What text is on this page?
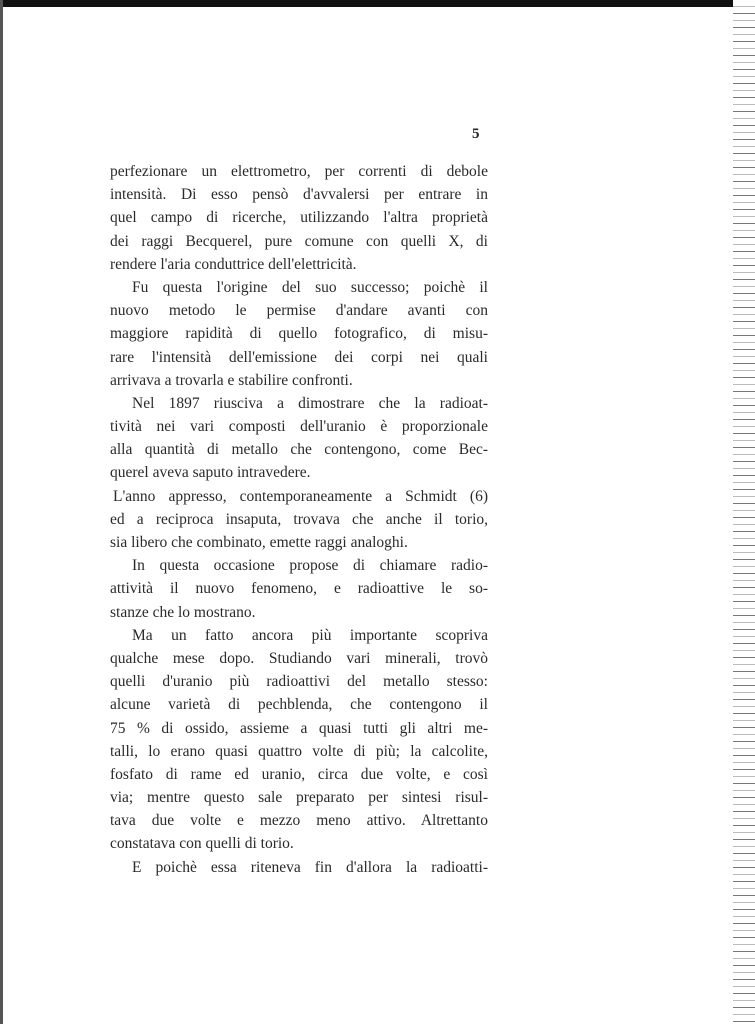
5
perfezionare un elettrometro, per correnti di debole
intensità. Di esso pensò d'avvalersi per entrare in
quel campo di ricerche, utilizzando l'altra proprietà
dei raggi Becquerel, pure comune con quelli X, di
rendere l'aria conduttrice dell'elettricità.
Fu questa l'origine del suo successo; poichè il
nuovo metodo le permise d'andare avanti con
maggiore rapidità di quello fotografico, di misu-
rare l'intensità dell'emissione dei corpi nei quali
arrivava a trovarla e stabilire confronti.
Nel 1897 riusciva a dimostrare che la radioat-
tività nei vari composti dell'uranio è proporzionale
alla quantità di metallo che contengono, come Bec-
querel aveva saputo intravedere.
L'anno appresso, contemporaneamente a Schmidt (6)
ed a reciproca insaputa, trovava che anche il torio,
sia libero che combinato, emette raggi analoghi.
In questa occasione propose di chiamare radio-
attività il nuovo fenomeno, e radioattive le so-
stanze che lo mostrano.
Ma un fatto ancora più importante scopriva
qualche mese dopo. Studiando vari minerali, trovò
quelli d'uranio più radioattivi del metallo stesso:
alcune varietà di pechblenda, che contengono il
75 % di ossido, assieme a quasi tutti gli altri me-
talli, lo erano quasi quattro volte di più; la calcolite,
fosfato di rame ed uranio, circa due volte, e così
via; mentre questo sale preparato per sintesi risul-
tava due volte e mezzo meno attivo. Altrettanto
constatava con quelli di torio.
E poichè essa riteneva fin d'allora la radioatti-
